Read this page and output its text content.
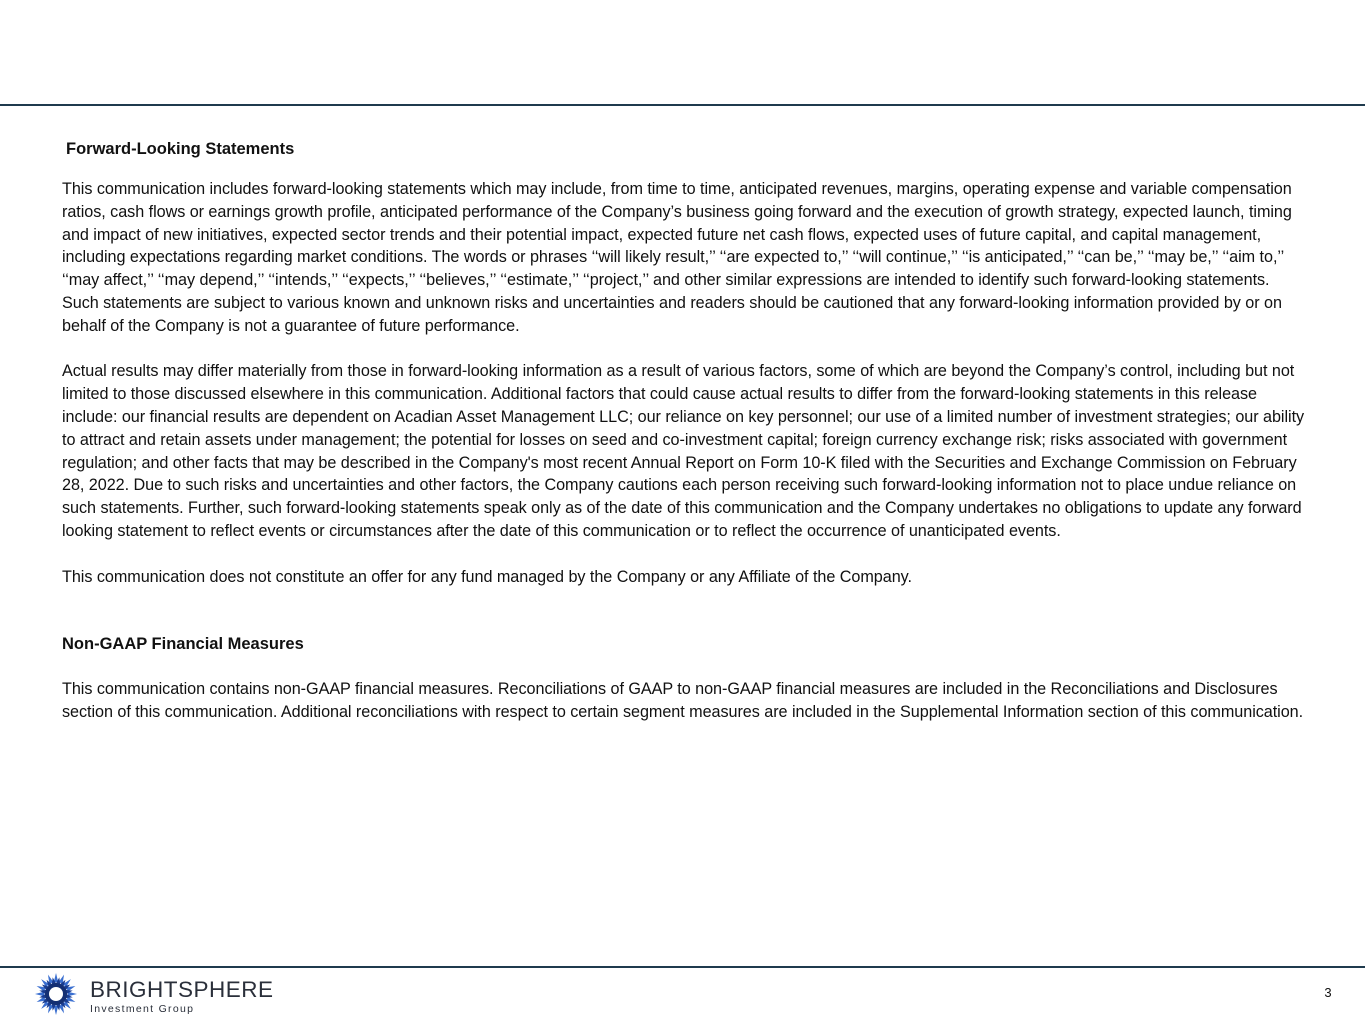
Forward-Looking Statements

This communication includes forward-looking statements which may include, from time to time, anticipated revenues, margins, operating expense and variable compensation ratios, cash flows or earnings growth profile, anticipated performance of the Company’s business going forward and the execution of growth strategy, expected launch, timing and impact of new initiatives, expected sector trends and their potential impact, expected future net cash flows, expected uses of future capital, and capital management, including expectations regarding market conditions. The words or phrases ‘‘will likely result,’’ ‘‘are expected to,’’ ‘‘will continue,’’ ‘‘is anticipated,’’ ‘‘can be,’’ ‘‘may be,’’ ‘‘aim to,’’ ‘‘may affect,’’ ‘‘may depend,’’ ‘‘intends,’’ ‘‘expects,’’ ‘‘believes,’’ ‘‘estimate,’’ ‘‘project,’’ and other similar expressions are intended to identify such forward-looking statements. Such statements are subject to various known and unknown risks and uncertainties and readers should be cautioned that any forward-looking information provided by or on behalf of the Company is not a guarantee of future performance.

Actual results may differ materially from those in forward-looking information as a result of various factors, some of which are beyond the Company’s control, including but not limited to those discussed elsewhere in this communication. Additional factors that could cause actual results to differ from the forward-looking statements in this release include: our financial results are dependent on Acadian Asset Management LLC; our reliance on key personnel; our use of a limited number of investment strategies; our ability to attract and retain assets under management; the potential for losses on seed and co-investment capital; foreign currency exchange risk; risks associated with government regulation; and other facts that may be described in the Company's most recent Annual Report on Form 10-K filed with the Securities and Exchange Commission on February 28, 2022. Due to such risks and uncertainties and other factors, the Company cautions each person receiving such forward-looking information not to place undue reliance on such statements. Further, such forward-looking statements speak only as of the date of this communication and the Company undertakes no obligations to update any forward looking statement to reflect events or circumstances after the date of this communication or to reflect the occurrence of unanticipated events.

This communication does not constitute an offer for any fund managed by the Company or any Affiliate of the Company.

Non-GAAP Financial Measures

This communication contains non-GAAP financial measures. Reconciliations of GAAP to non-GAAP financial measures are included in the Reconciliations and Disclosures section of this communication. Additional reconciliations with respect to certain segment measures are included in the Supplemental Information section of this communication.

BRIGHTSPHERE
Investment Group
3
